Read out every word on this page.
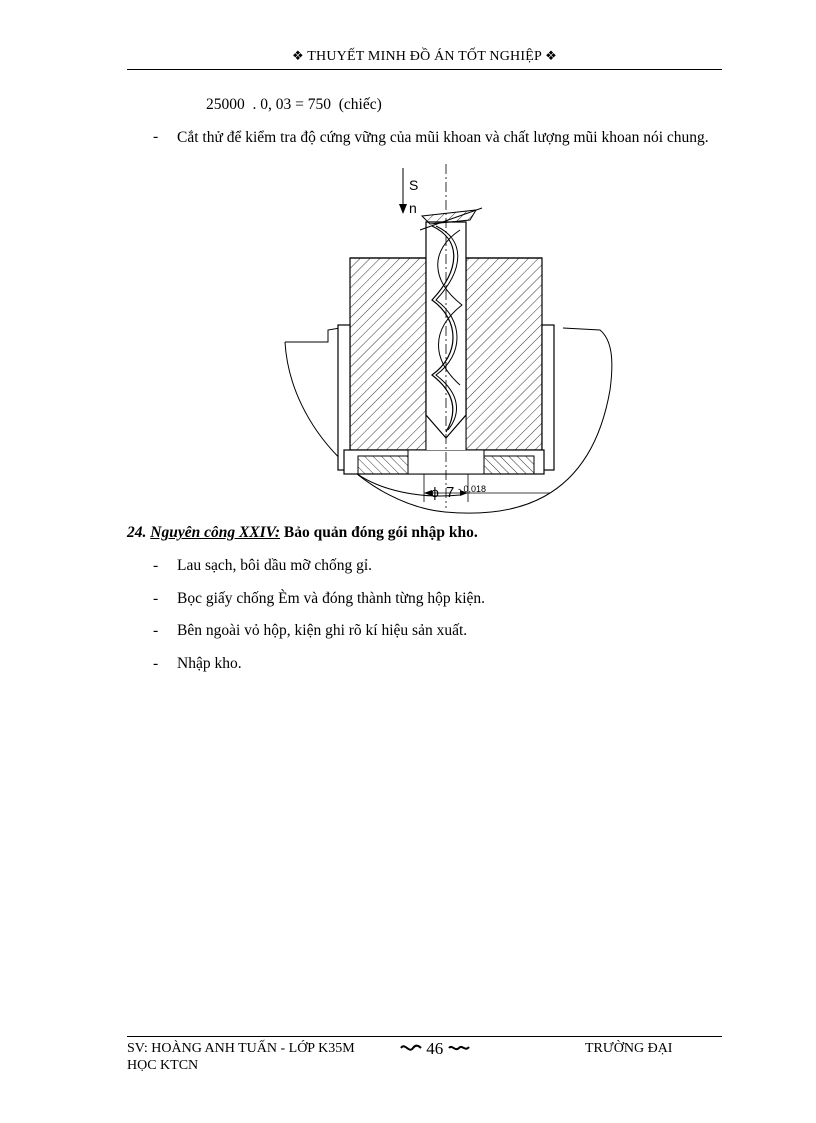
❖ THUYẾT MINH ĐỒ ÁN TỐT NGHIỆP ❖
25000  . 0, 03 = 750  (chiếc)
- Cắt thử để kiểm tra độ cứng vững của mũi khoan và chất lượng mũi khoan nói chung.
S
n
ϕ 7 - 0,018
24. Nguyên công XXIV: Bảo quản đóng gói nhập kho.
- Lau sạch, bôi dầu mỡ chống gỉ.
- Bọc giấy chống Èm và đóng thành từng hộp kiện.
- Bên ngoài vỏ hộp, kiện ghi rõ kí hiệu sản xuất.
- Nhập kho.
SV: HOÀNG ANH TUẤN - LỚP K35M	46	TRƯỜNG ĐẠI
HỌC KTCN
